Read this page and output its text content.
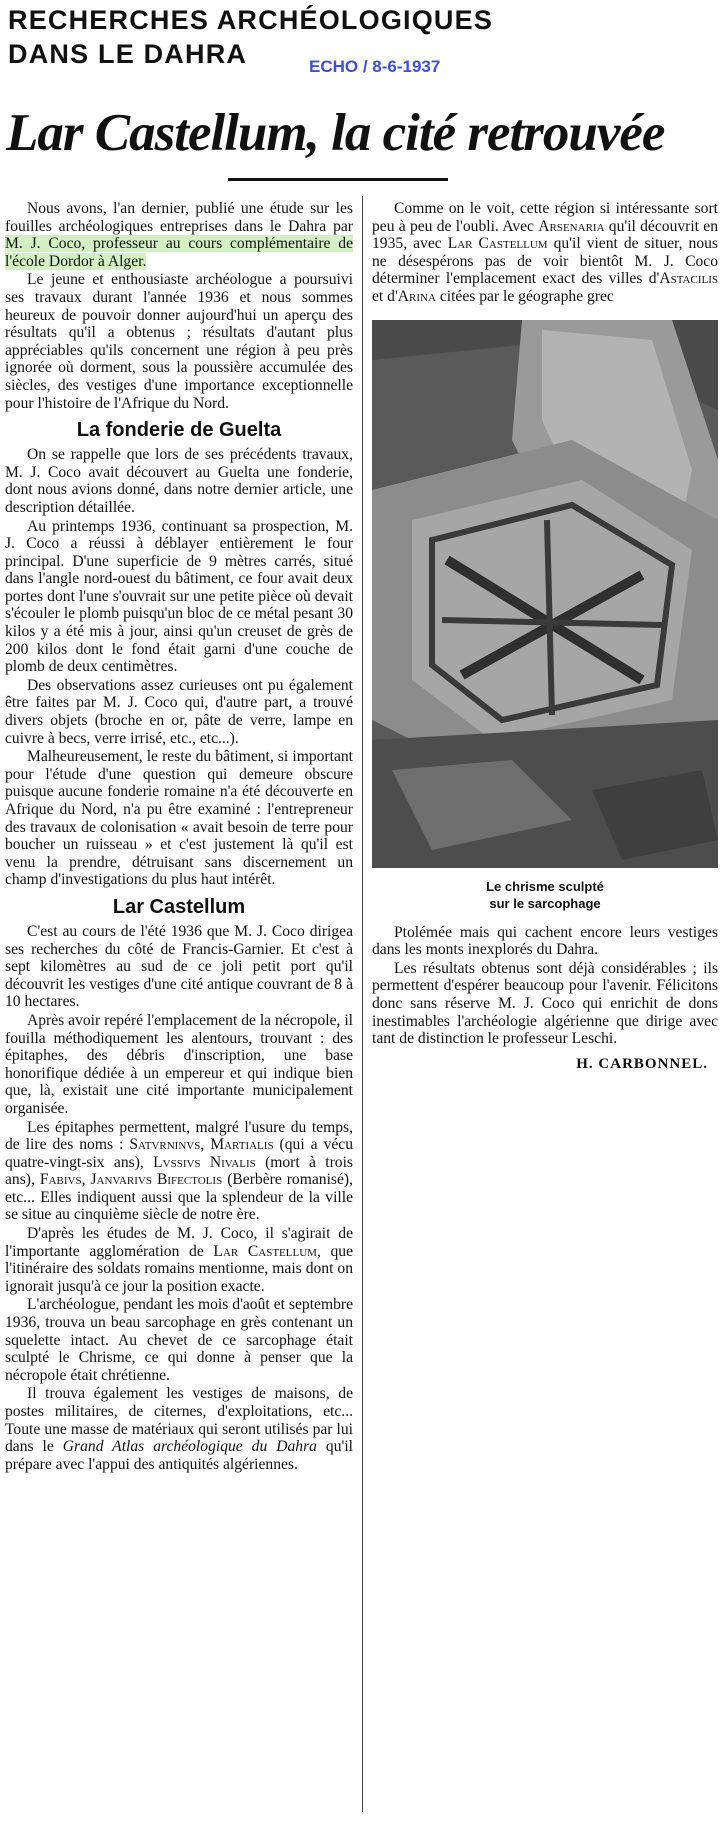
RECHERCHES ARCHÉOLOGIQUES
DANS LE DAHRA	ECHO / 8-6-1937
Lar Castellum, la cité retrouvée

Nous avons, l'an dernier, publié une étude sur les fouilles archéologiques entreprises dans le Dahra par M. J. Coco, professeur au cours complémentaire de l'école Dordor à Alger.

Le jeune et enthousiaste archéologue a poursuivi ses travaux durant l'année 1936 et nous sommes heureux de pouvoir donner aujourd'hui un aperçu des résultats qu'il a obtenus ; résultats d'autant plus appréciables qu'ils concernent une région à peu près ignorée où dorment, sous la poussière accumulée des siècles, des vestiges d'une importance exceptionnelle pour l'histoire de l'Afrique du Nord.

La fonderie de Guelta

On se rappelle que lors de ses précédents travaux, M. J. Coco avait découvert au Guelta une fonderie, dont nous avions donné, dans notre dernier article, une description détaillée.

Au printemps 1936, continuant sa prospection, M. J. Coco a réussi à déblayer entièrement le four principal. D'une superficie de 9 mètres carrés, situé dans l'angle nord-ouest du bâtiment, ce four avait deux portes dont l'une s'ouvrait sur une petite pièce où devait s'écouler le plomb puisqu'un bloc de ce métal pesant 30 kilos y a été mis à jour, ainsi qu'un creuset de grès de 200 kilos dont le fond était garni d'une couche de plomb de deux centimètres.

Des observations assez curieuses ont pu également être faites par M. J. Coco qui, d'autre part, a trouvé divers objets (broche en or, pâte de verre, lampe en cuivre à becs, verre irrisé, etc., etc...).

Malheureusement, le reste du bâtiment, si important pour l'étude d'une question qui demeure obscure puisque aucune fonderie romaine n'a été découverte en Afrique du Nord, n'a pu être examiné : l'entrepreneur des travaux de colonisation « avait besoin de terre pour boucher un ruisseau » et c'est justement là qu'il est venu la prendre, détruisant sans discernement un champ d'investigations du plus haut intérêt.

Lar Castellum

C'est au cours de l'été 1936 que M. J. Coco dirigea ses recherches du côté de Francis-Garnier. Et c'est à sept kilomètres au sud de ce joli petit port qu'il découvrit les vestiges d'une cité antique couvrant de 8 à 10 hectares.

Après avoir repéré l'emplacement de la nécropole, il fouilla méthodiquement les alentours, trouvant : des épitaphes, des débris d'inscription, une base honorifique dédiée à un empereur et qui indique bien que, là, existait une cité importante municipalement organisée.

Les épitaphes permettent, malgré l'usure du temps, de lire des noms : Satvrninvs, Martialis (qui a vécu quatre-vingt-six ans), Lvssivs Nivalis (mort à trois ans), Fabivs, Janvarivs Bifectolis (Berbère romanisé), etc... Elles indiquent aussi que la splendeur de la ville se situe au cinquième siècle de notre ère.

D'après les études de M. J. Coco, il s'agirait de l'importante agglomération de Lar Castellum, que l'itinéraire des soldats romains mentionne, mais dont on ignorait jusqu'à ce jour la position exacte.

L'archéologue, pendant les mois d'août et septembre 1936, trouva un beau sarcophage en grès contenant un squelette intact. Au chevet de ce sarcophage était sculpté le Chrisme, ce qui donne à penser que la nécropole était chrétienne.

Il trouva également les vestiges de maisons, de postes militaires, de citernes, d'exploitations, etc... Toute une masse de matériaux qui seront utilisés par lui dans le Grand Atlas archéologique du Dahra qu'il prépare avec l'appui des antiquités algériennes.

Comme on le voit, cette région si intéressante sort peu à peu de l'oubli. Avec Arsenaria qu'il découvrit en 1935, avec Lar Castellum qu'il vient de situer, nous ne désespérons pas de voir bientôt M. J. Coco déterminer l'emplacement exact des villes d'Astacilis et d'Arina citées par le géographe grec

Le chrisme sculpté
sur le sarcophage

Ptolémée mais qui cachent encore leurs vestiges dans les monts inexplorés du Dahra.

Les résultats obtenus sont déjà considérables ; ils permettent d'espérer beaucoup pour l'avenir. Félicitons donc sans réserve M. J. Coco qui enrichit de dons inestimables l'archéologie algérienne que dirige avec tant de distinction le professeur Leschi.

H. CARBONNEL.
